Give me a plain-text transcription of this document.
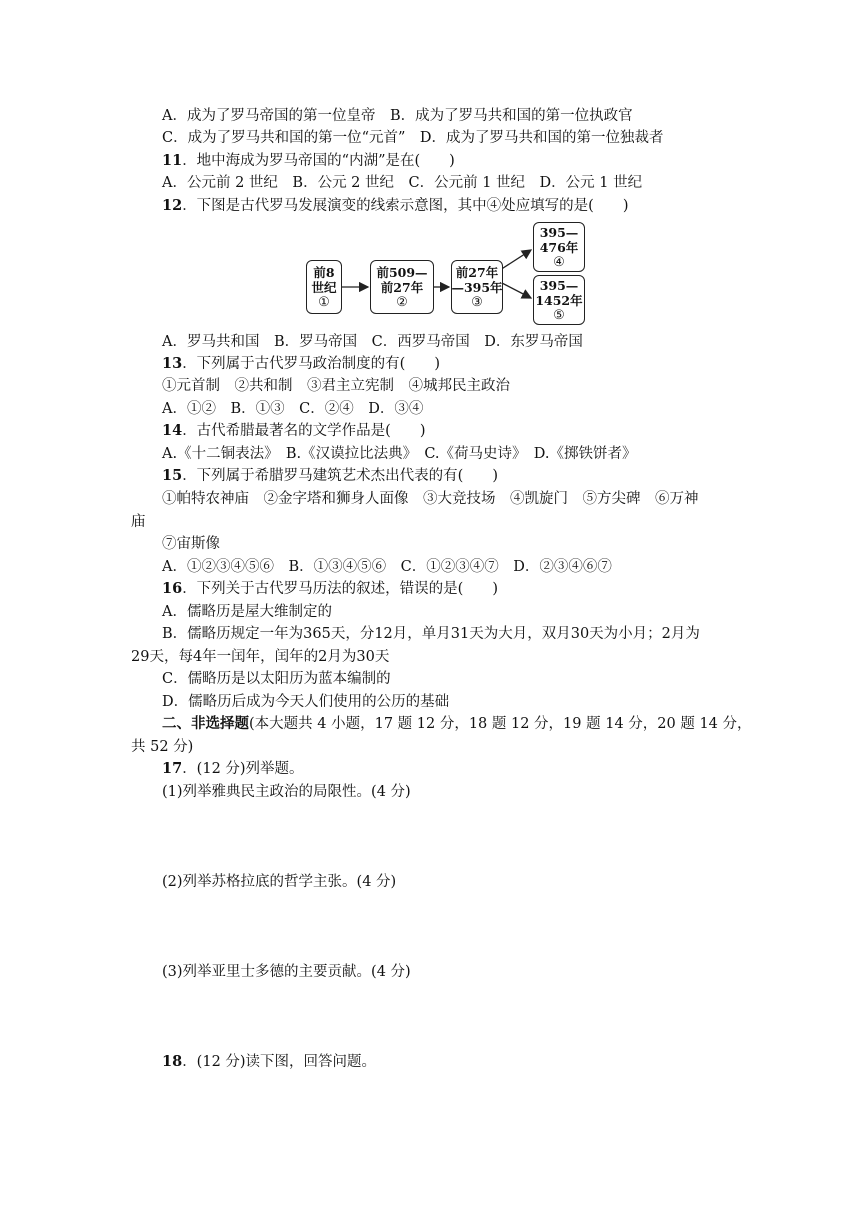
A．成为了罗马帝国的第一位皇帝　B．成为了罗马共和国的第一位执政官
C．成为了罗马共和国的第一位“元首”　D．成为了罗马共和国的第一位独裁者
11．地中海成为罗马帝国的“内湖”是在(　　)
A．公元前 2 世纪　B．公元 2 世纪　C．公元前 1 世纪　D．公元 1 世纪
12．下图是古代罗马发展演变的线索示意图，其中④处应填写的是(　　)
前8
世纪
①
前509—
前27年
②
前27年
—395年
③
395—
476年
④
395—
1452年
⑤
A．罗马共和国　B．罗马帝国　C．西罗马帝国　D．东罗马帝国
13．下列属于古代罗马政治制度的有(　　)
①元首制　②共和制　③君主立宪制　④城邦民主政治
A．①②　B．①③　C．②④　D．③④
14．古代希腊最著名的文学作品是(　　)
A.《十二铜表法》　B.《汉谟拉比法典》　C.《荷马史诗》　D.《掷铁饼者》
15．下列属于希腊罗马建筑艺术杰出代表的有(　　)
①帕特农神庙　②金字塔和狮身人面像　③大竞技场　④凯旋门　⑤方尖碑　⑥万神
庙
⑦宙斯像
A．①②③④⑤⑥　B．①③④⑤⑥　C．①②③④⑦　D．②③④⑥⑦
16．下列关于古代罗马历法的叙述，错误的是(　　)
A．儒略历是屋大维制定的
B．儒略历规定一年为365天，分12月，单月31天为大月，双月30天为小月；2月为
29天，每4年一闰年，闰年的2月为30天
C．儒略历是以太阳历为蓝本编制的
D．儒略历后成为今天人们使用的公历的基础
二、非选择题(本大题共 4 小题，17 题 12 分，18 题 12 分，19 题 14 分，20 题 14 分，
共 52 分)
17．(12 分)列举题。
(1)列举雅典民主政治的局限性。(4 分)
(2)列举苏格拉底的哲学主张。(4 分)
(3)列举亚里士多德的主要贡献。(4 分)
18．(12 分)读下图，回答问题。
